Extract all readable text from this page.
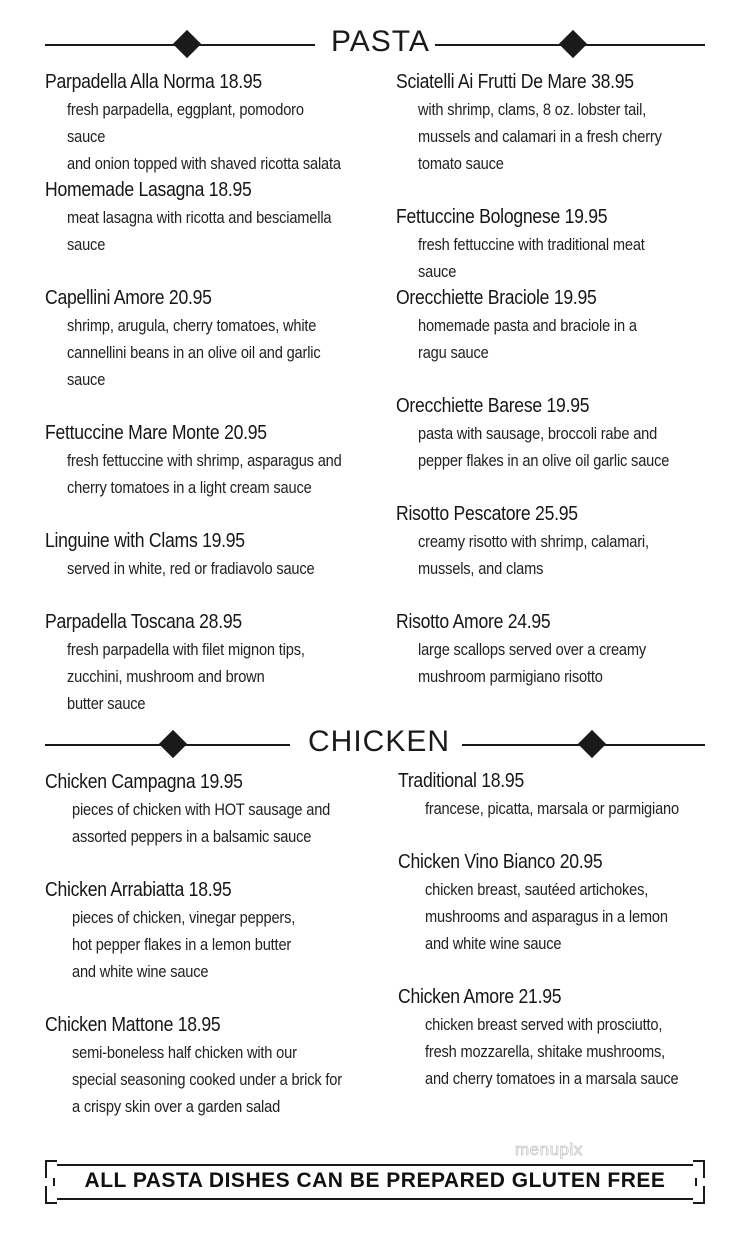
PASTA
Parpadella Alla Norma 18.95
fresh parpadella, eggplant, pomodoro sauce
and onion topped with shaved ricotta salata
Homemade Lasagna 18.95
meat lasagna with ricotta and besciamella
sauce
Capellini Amore 20.95
shrimp, arugula, cherry tomatoes, white
cannellini beans in an olive oil and garlic
sauce
Fettuccine Mare Monte 20.95
fresh fettuccine with shrimp, asparagus and
cherry tomatoes in a light cream sauce
Linguine with Clams 19.95
served in white, red or fradiavolo sauce
Parpadella Toscana 28.95
fresh parpadella with filet mignon tips,
zucchini, mushroom and brown
butter sauce
Sciatelli Ai Frutti De Mare 38.95
with shrimp, clams, 8 oz. lobster tail,
mussels and calamari in a fresh cherry
tomato sauce
Fettuccine Bolognese 19.95
fresh fettuccine with traditional meat sauce
Orecchiette Braciole 19.95
homemade pasta and braciole in a
ragu sauce
Orecchiette Barese 19.95
pasta with sausage, broccoli rabe and
pepper flakes in an olive oil garlic sauce
Risotto Pescatore 25.95
creamy risotto with shrimp, calamari,
mussels, and clams
Risotto Amore 24.95
large scallops served over a creamy
mushroom parmigiano risotto
CHICKEN
Chicken Campagna 19.95
pieces of chicken with HOT sausage and
assorted peppers in a balsamic sauce
Chicken Arrabiatta 18.95
pieces of chicken, vinegar peppers,
hot pepper flakes in a lemon butter
and white wine sauce
Chicken Mattone 18.95
semi-boneless half chicken with our
special seasoning cooked under a brick for
a crispy skin over a garden salad
Traditional 18.95
francese, picatta, marsala or parmigiano
Chicken Vino Bianco 20.95
chicken breast, sautéed artichokes,
mushrooms and asparagus in a lemon
and white wine sauce
Chicken Amore 21.95
chicken breast served with prosciutto,
fresh mozzarella, shitake mushrooms,
and cherry tomatoes in a marsala sauce
menupix
ALL PASTA DISHES CAN BE PREPARED GLUTEN FREE
